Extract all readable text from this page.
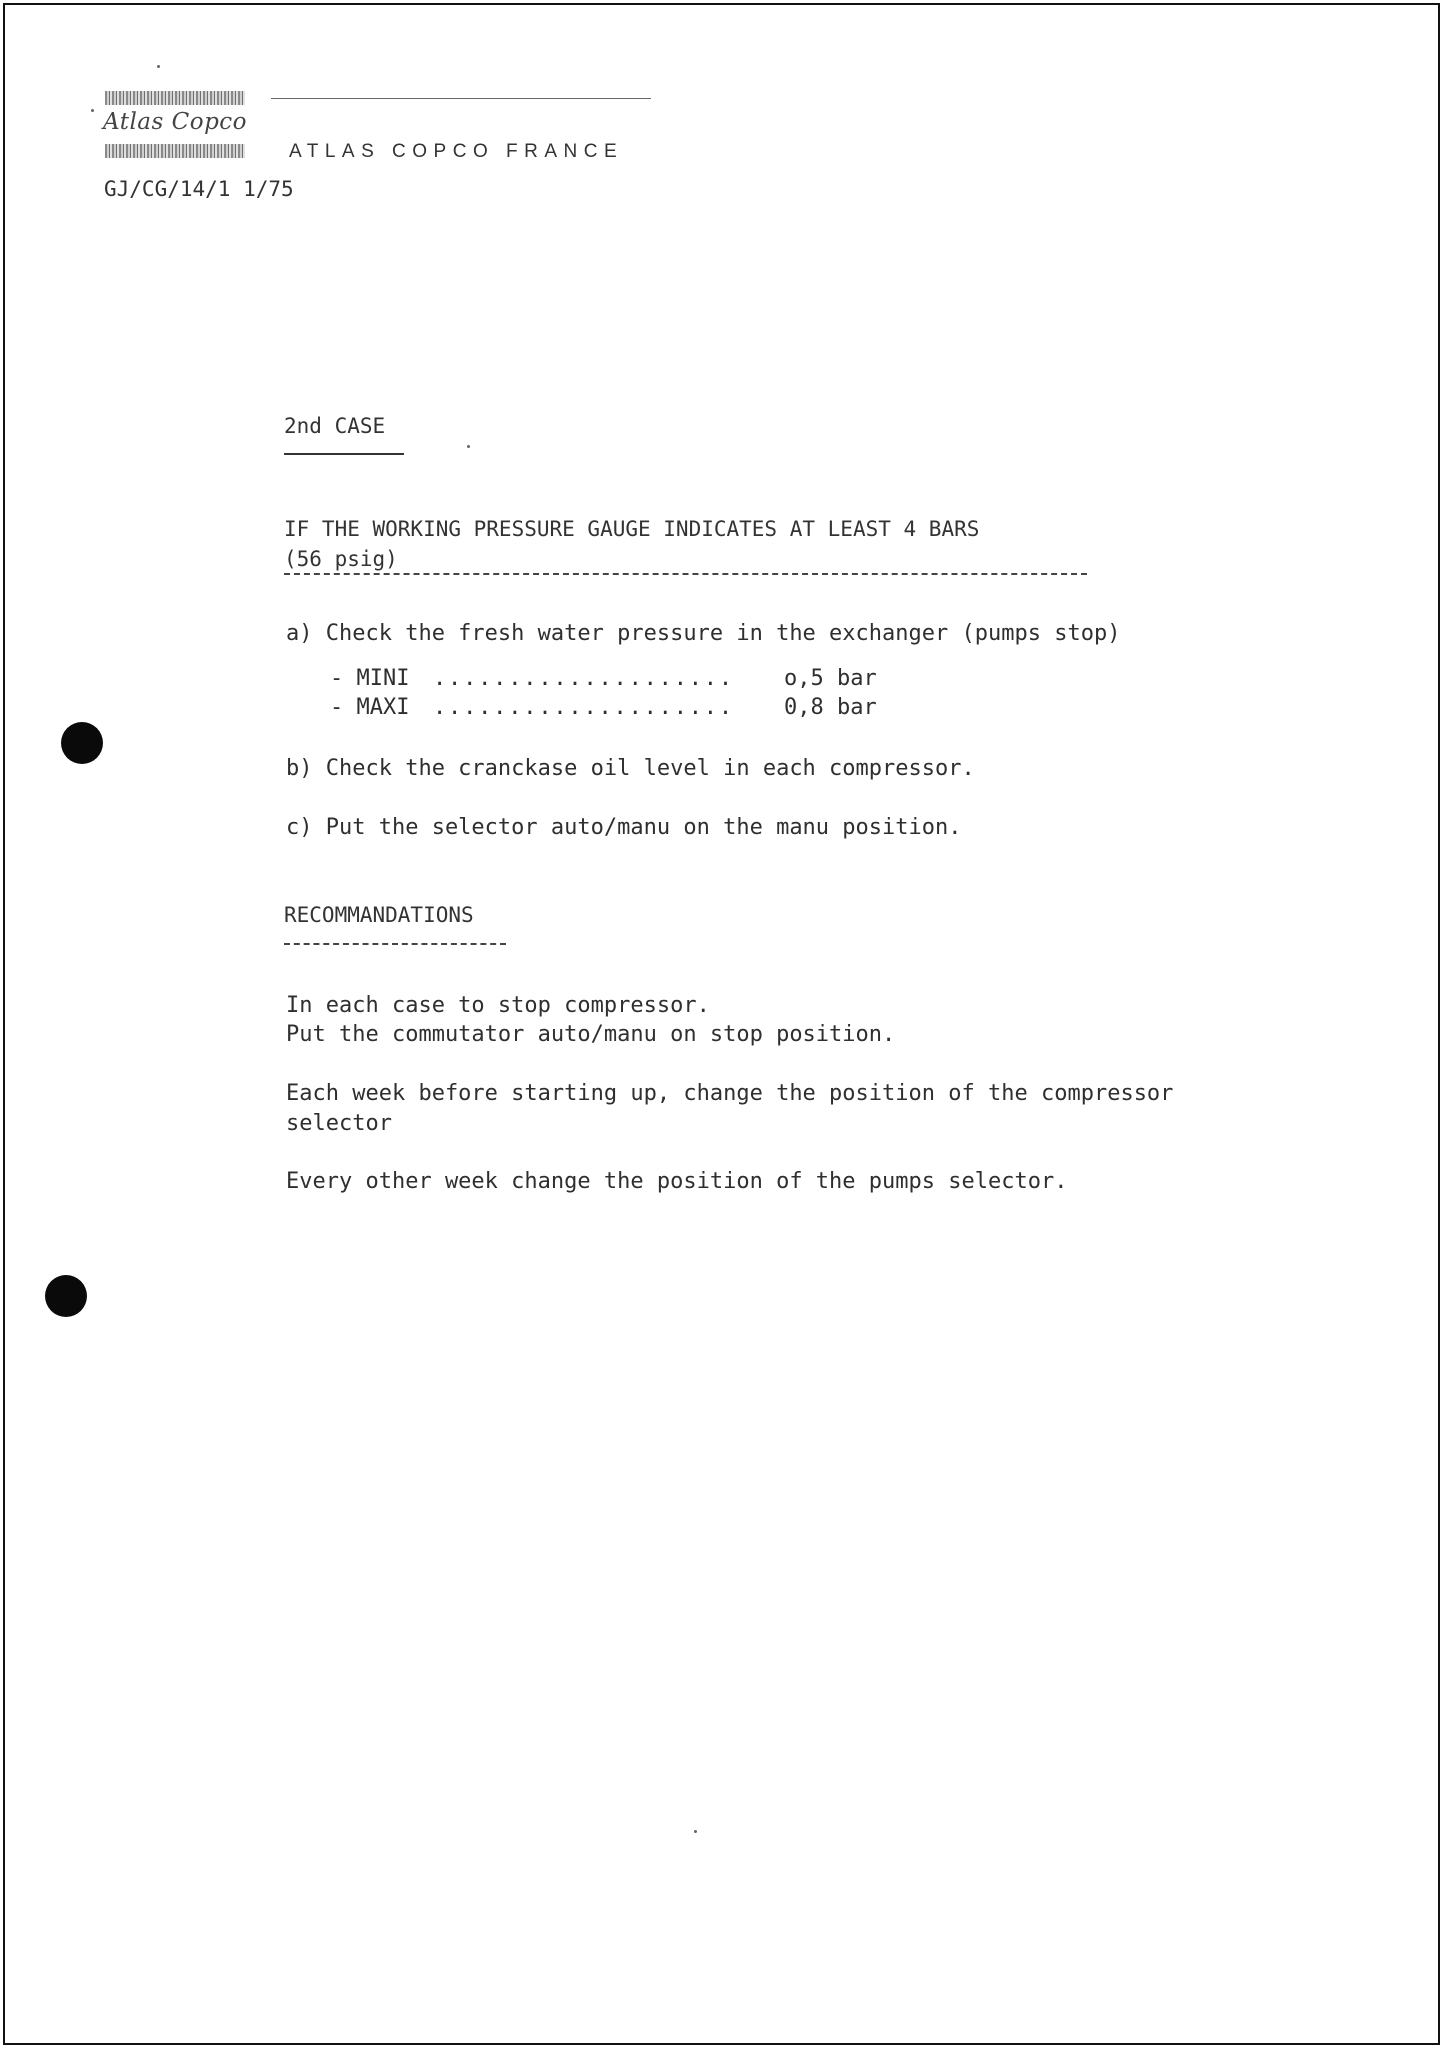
Atlas Copco
ATLAS COPCO FRANCE
GJ/CG/14/1 1/75
2nd CASE
IF THE WORKING PRESSURE GAUGE INDICATES AT LEAST 4 BARS
(56 psig)
a) Check the fresh water pressure in the exchanger (pumps stop)
- MINI .................... o,5 bar
- MAXI .................... 0,8 bar
b) Check the cranckase oil level in each compressor.
c) Put the selector auto/manu on the manu position.
RECOMMANDATIONS
In each case to stop compressor.
Put the commutator auto/manu on stop position.
Each week before starting up, change the position of the compressor
selector
Every other week change the position of the pumps selector.
